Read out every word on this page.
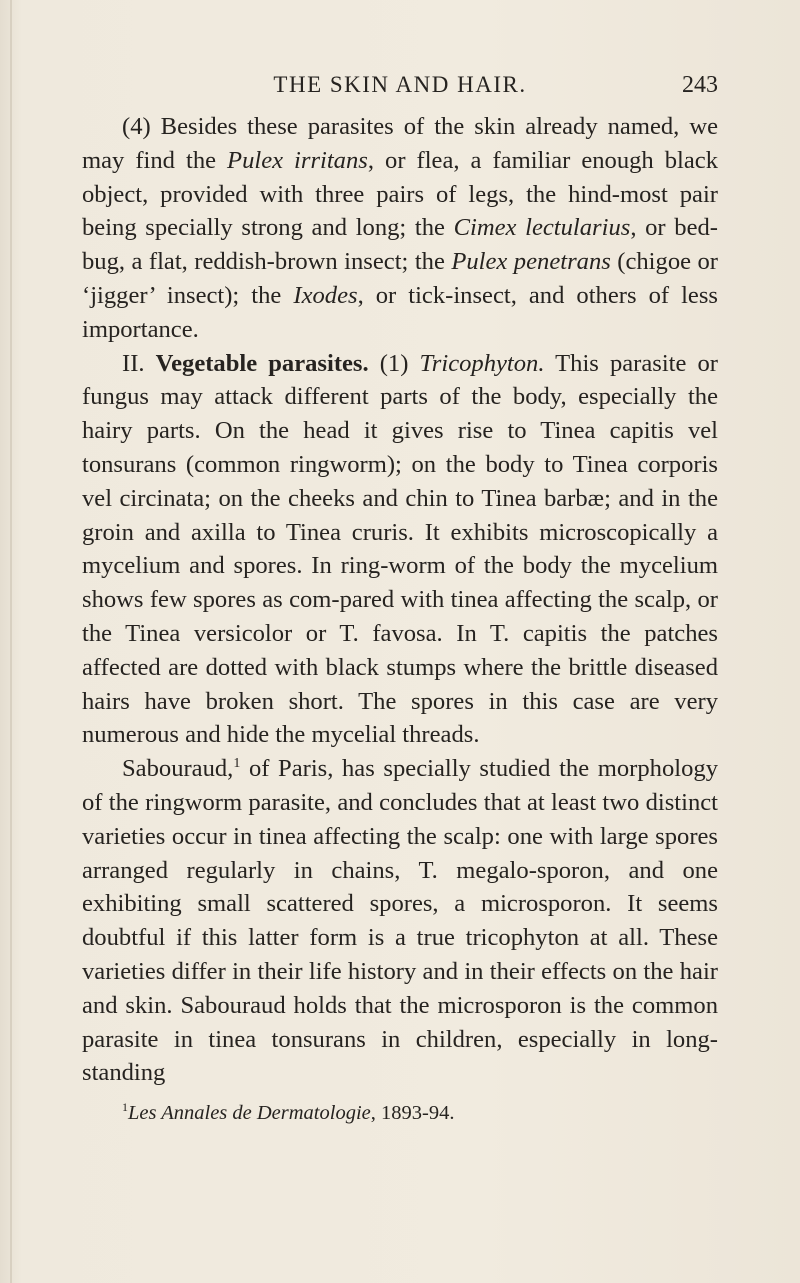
THE SKIN AND HAIR.	243

(4) Besides these parasites of the skin already named, we may find the Pulex irritans, or flea, a familiar enough black object, provided with three pairs of legs, the hind-most pair being specially strong and long; the Cimex lectularius, or bed-bug, a flat, reddish-brown insect; the Pulex penetrans (chigoe or ‘jigger’ insect); the Ixodes, or tick-insect, and others of less importance.

II. Vegetable parasites. (1) Tricophyton. This parasite or fungus may attack different parts of the body, especially the hairy parts. On the head it gives rise to Tinea capitis vel tonsurans (common ringworm); on the body to Tinea corporis vel circinata; on the cheeks and chin to Tinea barbæ; and in the groin and axilla to Tinea cruris. It exhibits microscopically a mycelium and spores. In ring-worm of the body the mycelium shows few spores as com-pared with tinea affecting the scalp, or the Tinea versicolor or T. favosa. In T. capitis the patches affected are dotted with black stumps where the brittle diseased hairs have broken short. The spores in this case are very numerous and hide the mycelial threads.

Sabouraud,$^1$ of Paris, has specially studied the morphology of the ringworm parasite, and concludes that at least two distinct varieties occur in tinea affecting the scalp: one with large spores arranged regularly in chains, T. megalo-sporon, and one exhibiting small scattered spores, a microsporon. It seems doubtful if this latter form is a true tricophyton at all. These varieties differ in their life history and in their effects on the hair and skin. Sabouraud holds that the microsporon is the common parasite in tinea tonsurans in children, especially in long-standing

$^1$Les Annales de Dermatologie, 1893-94.
